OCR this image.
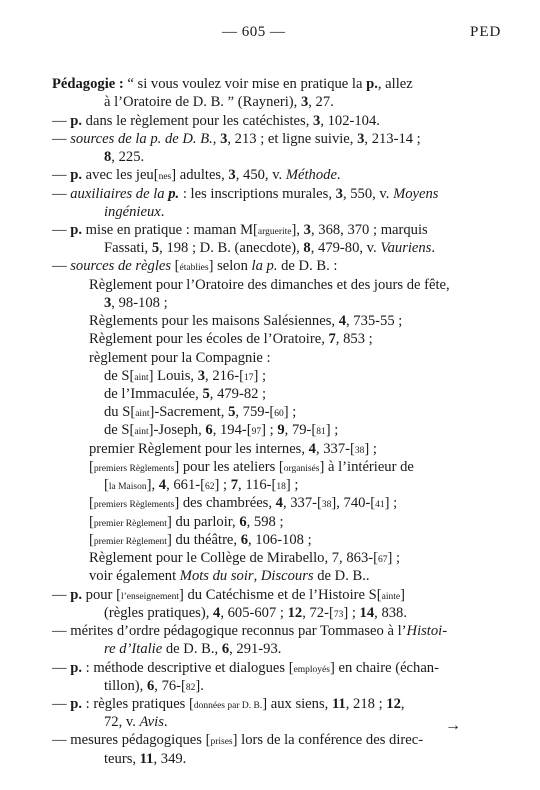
— 605 —	PED
Pédagogie : “ si vous voulez voir mise en pratique la p., allez
à l’Oratoire de D. B. ” (Rayneri), 3, 27.
— p. dans le règlement pour les catéchistes, 3, 102-104.
— sources de la p. de D. B., 3, 213 ; et ligne suivie, 3, 213-14 ;
8, 225.
— p. avec les jeu[nes] adultes, 3, 450, v. Méthode.
— auxiliaires de la p. : les inscriptions murales, 3, 550, v. Moyens
ingénieux.
— p. mise en pratique : maman M[arguerite], 3, 368, 370 ; marquis
Fassati, 5, 198 ; D. B. (anecdote), 8, 479-80, v. Vauriens.
— sources de règles [établies] selon la p. de D. B. :
Règlement pour l’Oratoire des dimanches et des jours de fête,
3, 98-108 ;
Règlements pour les maisons Salésiennes, 4, 735-55 ;
Règlement pour les écoles de l’Oratoire, 7, 853 ;
règlement pour la Compagnie :
de S[aint] Louis, 3, 216-[17] ;
de l’Immaculée, 5, 479-82 ;
du S[aint]-Sacrement, 5, 759-[60] ;
de S[aint]-Joseph, 6, 194-[97] ; 9, 79-[81] ;
premier Règlement pour les internes, 4, 337-[38] ;
[premiers Règlements] pour les ateliers [organisés] à l’intérieur de
[la Maison], 4, 661-[62] ; 7, 116-[18] ;
[premiers Règlements] des chambrées, 4, 337-[38], 740-[41] ;
[premier Règlement] du parloir, 6, 598 ;
[premier Règlement] du théâtre, 6, 106-108 ;
Règlement pour le Collège de Mirabello, 7, 863-[67] ;
voir également Mots du soir, Discours de D. B..
— p. pour [l’enseignement] du Catéchisme et de l’Histoire S[ainte]
(règles pratiques), 4, 605-607 ; 12, 72-[73] ; 14, 838.
— mérites d’ordre pédagogique reconnus par Tommaseo à l’Histoi-
re d’Italie de D. B., 6, 291-93.
— p. : méthode descriptive et dialogues [employés] en chaire (échan-
tillon), 6, 76-[82].
— p. : règles pratiques [données par D. B.] aux siens, 11, 218 ; 12,
72, v. Avis.
— mesures pédagogiques [prises] lors de la conférence des direc-
teurs, 11, 349.
→
